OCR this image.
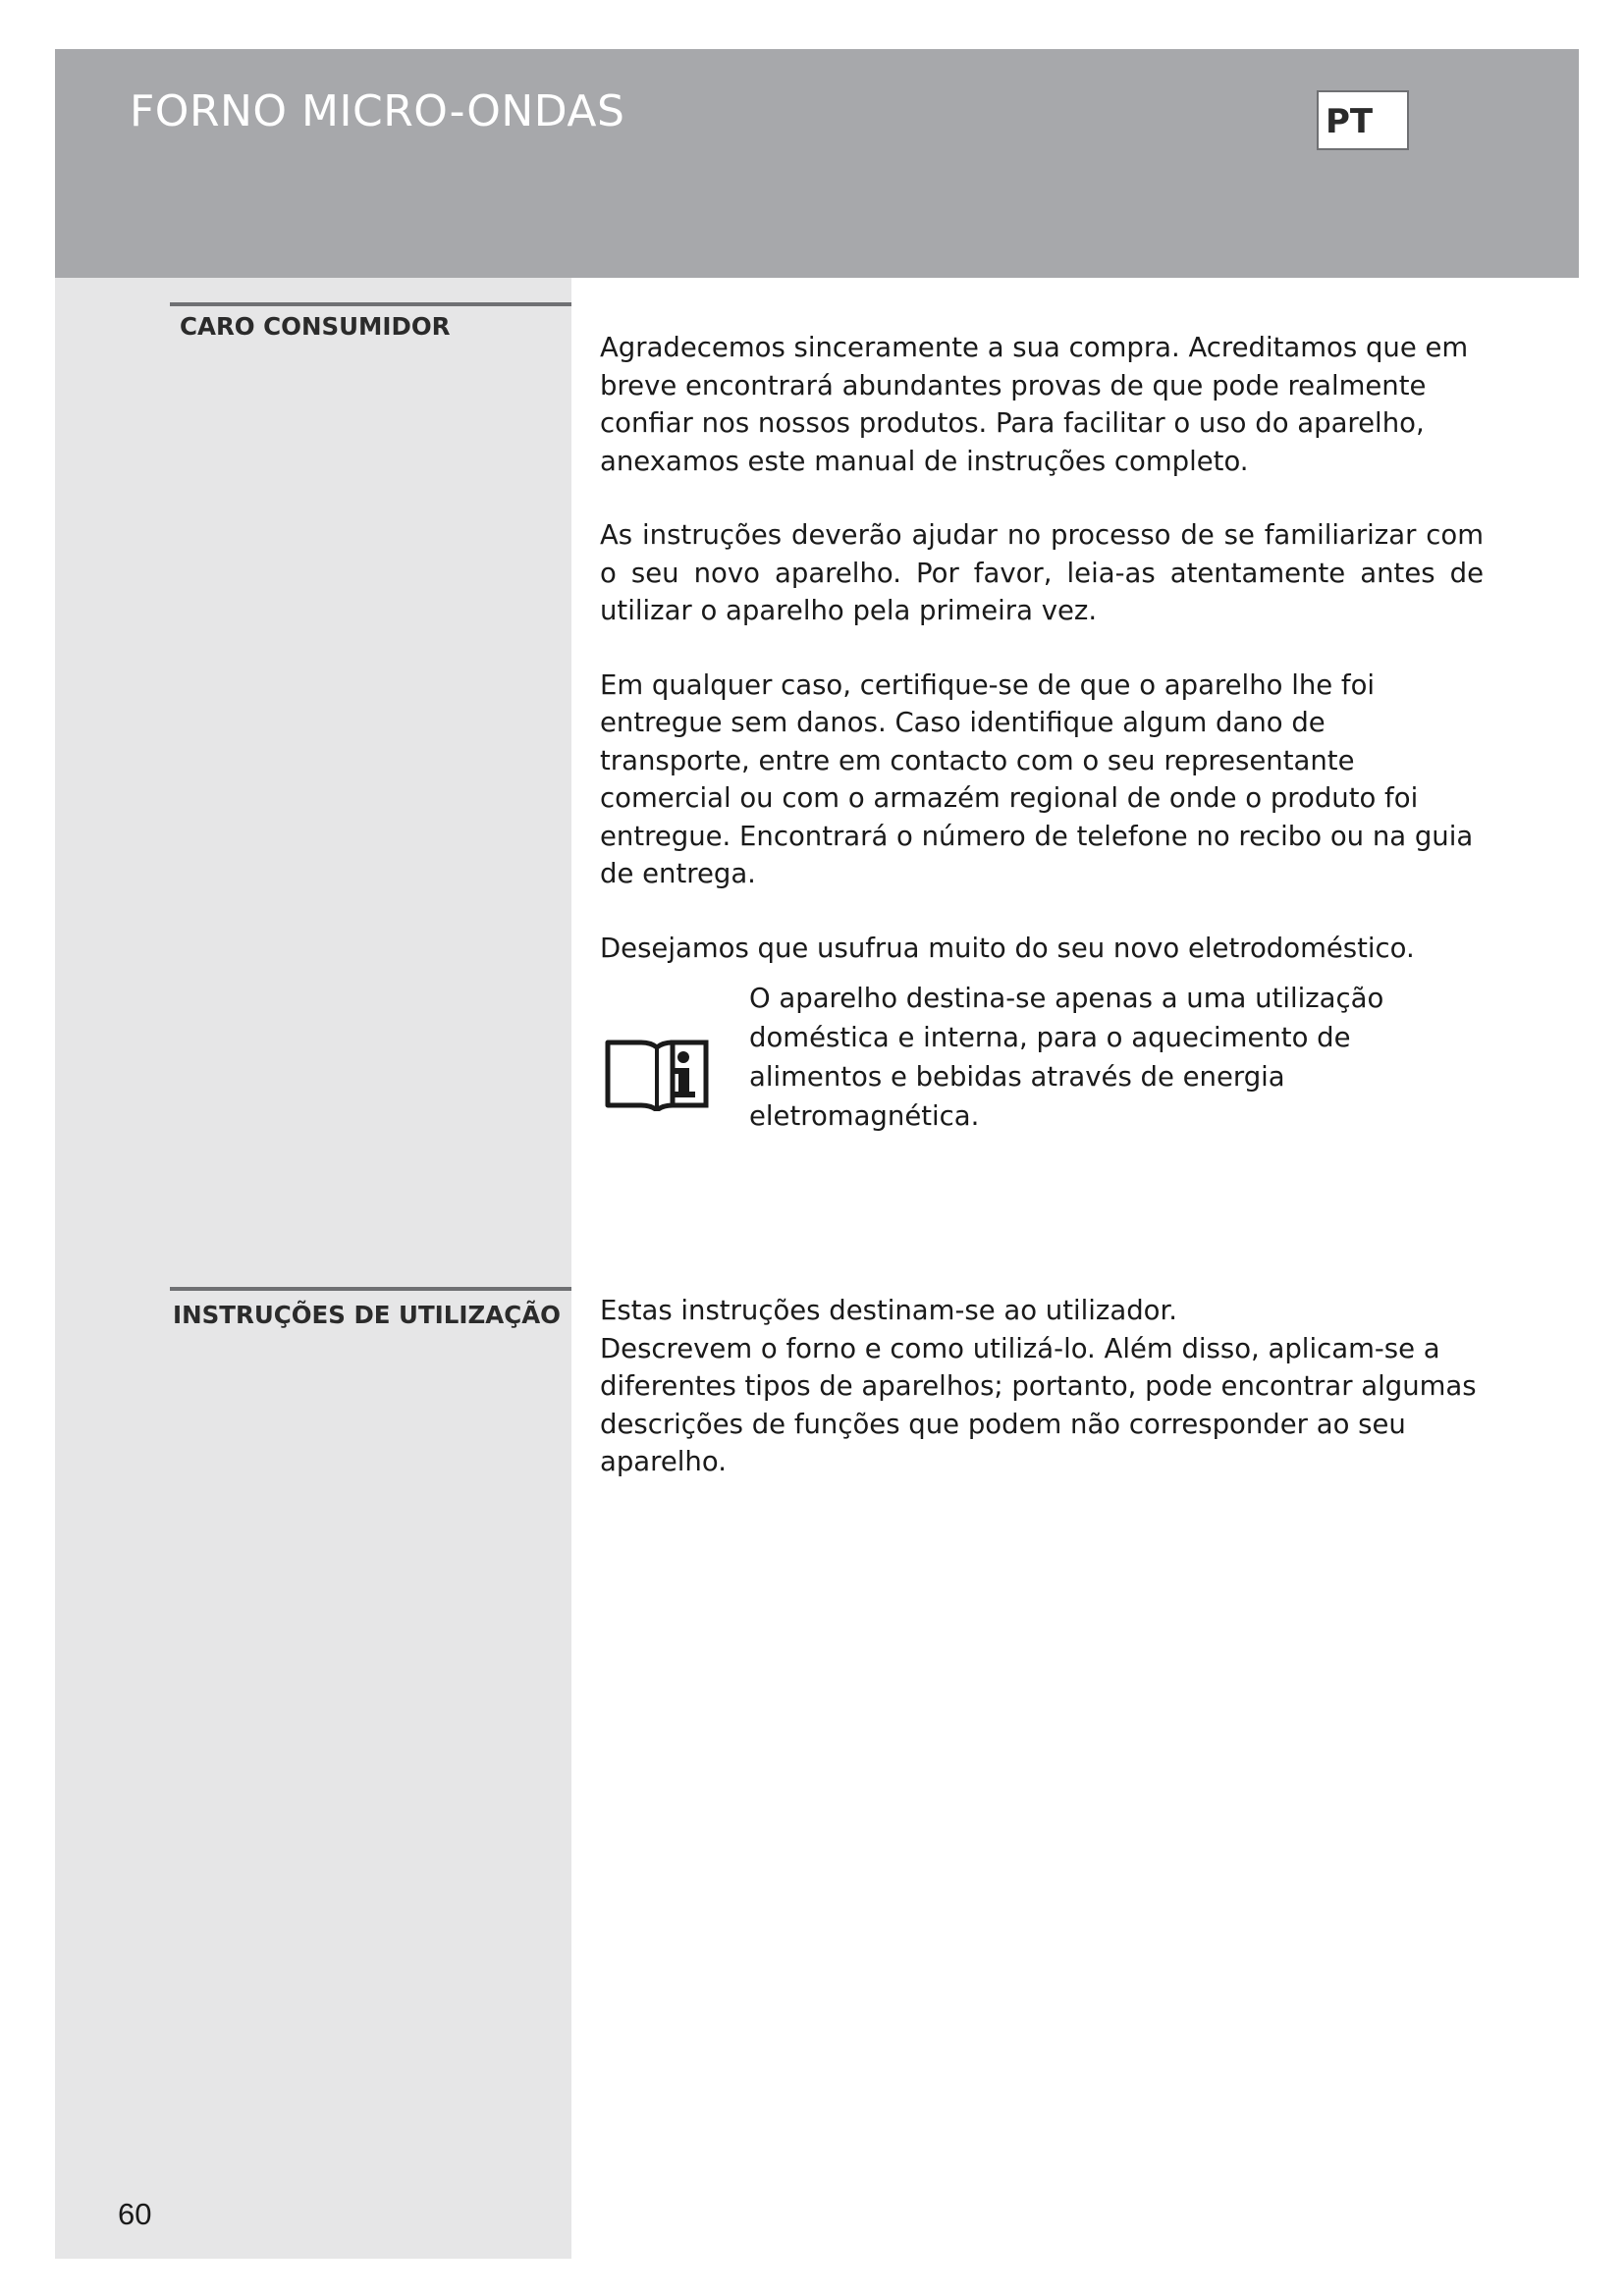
FORNO MICRO-ONDAS	PT
CARO CONSUMIDOR

Agradecemos sinceramente a sua compra. Acreditamos que em breve encontrará abundantes provas de que pode realmente confiar nos nossos produtos. Para facilitar o uso do aparelho, anexamos este manual de instruções completo.

As instruções deverão ajudar no processo de se familiarizar com o seu novo aparelho. Por favor, leia-as atentamente antes de utilizar o aparelho pela primeira vez.

Em qualquer caso, certifique-se de que o aparelho lhe foi entregue sem danos. Caso identifique algum dano de transporte, entre em contacto com o seu representante comercial ou com o armazém regional de onde o produto foi entregue. Encontrará o número de telefone no recibo ou na guia de entrega.

Desejamos que usufrua muito do seu novo eletrodoméstico.

O aparelho destina-se apenas a uma utilização doméstica e interna, para o aquecimento de alimentos e bebidas através de energia eletromagnética.
INSTRUÇÕES DE UTILIZAÇÃO Estas instruções destinam-se ao utilizador.
Descrevem o forno e como utilizá-lo. Além disso, aplicam-se a diferentes tipos de aparelhos; portanto, pode encontrar algumas descrições de funções que podem não corresponder ao seu aparelho.
60
